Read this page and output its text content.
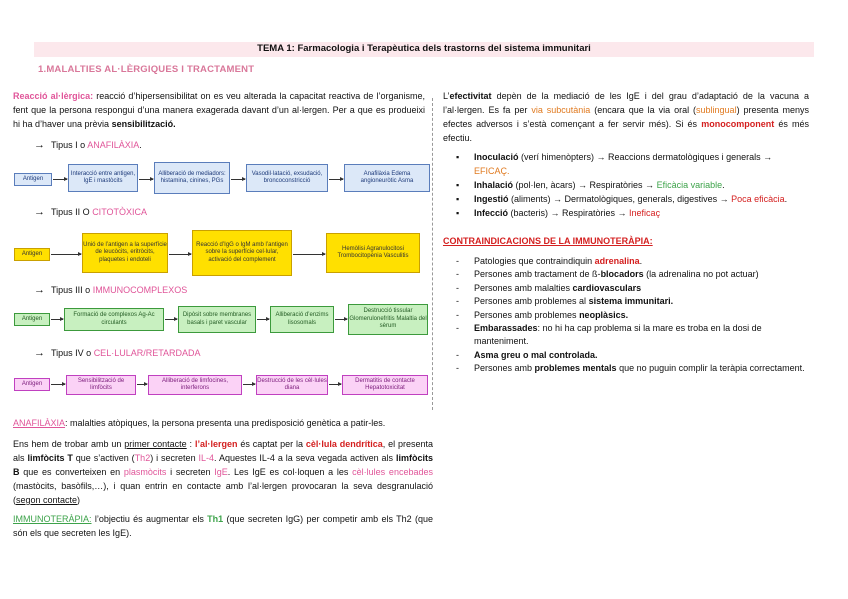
TEMA 1: Farmacologia i Terapèutica dels trastorns del sistema immunitari
1.MALALTIES AL·LÈRGIQUES I TRACTAMENT
Reacció al·lèrgica: reacció d’hipersensibilitat on es veu alterada la capacitat reactiva de l’organisme, fent que la persona respongui d’una manera exagerada davant d’un al·lergen. Per a que es produeixi hi ha d’haver una prèvia sensibilització.
→ Tipus I o ANAFILÀXIA.
→ Tipus II O CITOTÒXICA
→ Tipus III o IMMUNOCOMPLEXOS
→ Tipus IV o CEL·LULAR/RETARDADA
Antigen
Interacció entre antigen, IgE i mastòcits
Alliberació de mediadors: histamina, cinines, PGs
Vasodil·latació, exsudació, broncoconstricció
Anafilàxia Edema angioneuròtic Asma
Antigen
Unió de l’antigen a la superfície de leucòcits, eritròcits, plaquetes i endoteli
Reacció d’IgG o IgM amb l’antigen sobre la superfície cel·lular, activació del complement
Hemòlisi Agranulocitosi Trombocitopènia Vasculitis
Antigen
Formació de complexos Ag-Ac circulants
Dipòsit sobre membranes basals i paret vascular
Alliberació d’enzims lisosomals
Destrucció tissular Glomerulonefritis Malaltia del sèrum
Antigen
Sensibilització de limfòcits
Alliberació de limfocines, interferons
Destrucció de les cèl·lules diana
Dermatitis de contacte Hepatotoxicitat
ANAFILÀXIA: malalties atòpiques, la persona presenta una predisposició genètica a patir-les.
Ens hem de trobar amb un primer contacte : l’al·lergen és captat per la cèl·lula dendrítica, el presenta als limfòcits T que s’activen (Th2) i secreten IL-4. Aquestes IL-4 a la seva vegada activen als limfòcits B que es converteixen en plasmòcits i secreten IgE. Les IgE es col·loquen a les cèl·lules encebades (mastòcits, basòfils,…), i quan entrin en contacte amb l’al·lergen provocaran la seva desgranulació (segon contacte)
IMMUNOTERÀPIA: l’objectiu és augmentar els Th1 (que secreten IgG) per competir amb els Th2 (que són els que secreten les IgE).
L’efectivitat depèn de la mediació de les IgE i del grau d’adaptació de la vacuna a l’al·lergen. Es fa per via subcutània (encara que la via oral (sublingual) presenta menys efectes adversos i s’està començant a fer servir més). Si és monocomponent és més efectiu.
▪ Inoculació (verí himenòpters) → Reaccions dermatològiques i generals → EFICAÇ.
▪ Inhalació (pol·len, àcars) → Respiratòries → Eficàcia variable.
▪ Ingestió (aliments) → Dermatològiques, generals, digestives → Poca eficàcia.
▪ Infecció (bacteris) → Respiratòries → Ineficaç
CONTRAINDICACIONS DE LA IMMUNOTERÀPIA:
- Patologies que contraindiquin adrenalina.
- Persones amb tractament de ß-blocadors (la adrenalina no pot actuar)
- Persones amb malalties cardiovasculars
- Persones amb problemes al sistema immunitari.
- Persones amb problemes neoplàsics.
- Embarassades: no hi ha cap problema si la mare es troba en la dosi de manteniment.
- Asma greu o mal controlada.
- Persones amb problemes mentals que no puguin complir la teràpia correctament.
